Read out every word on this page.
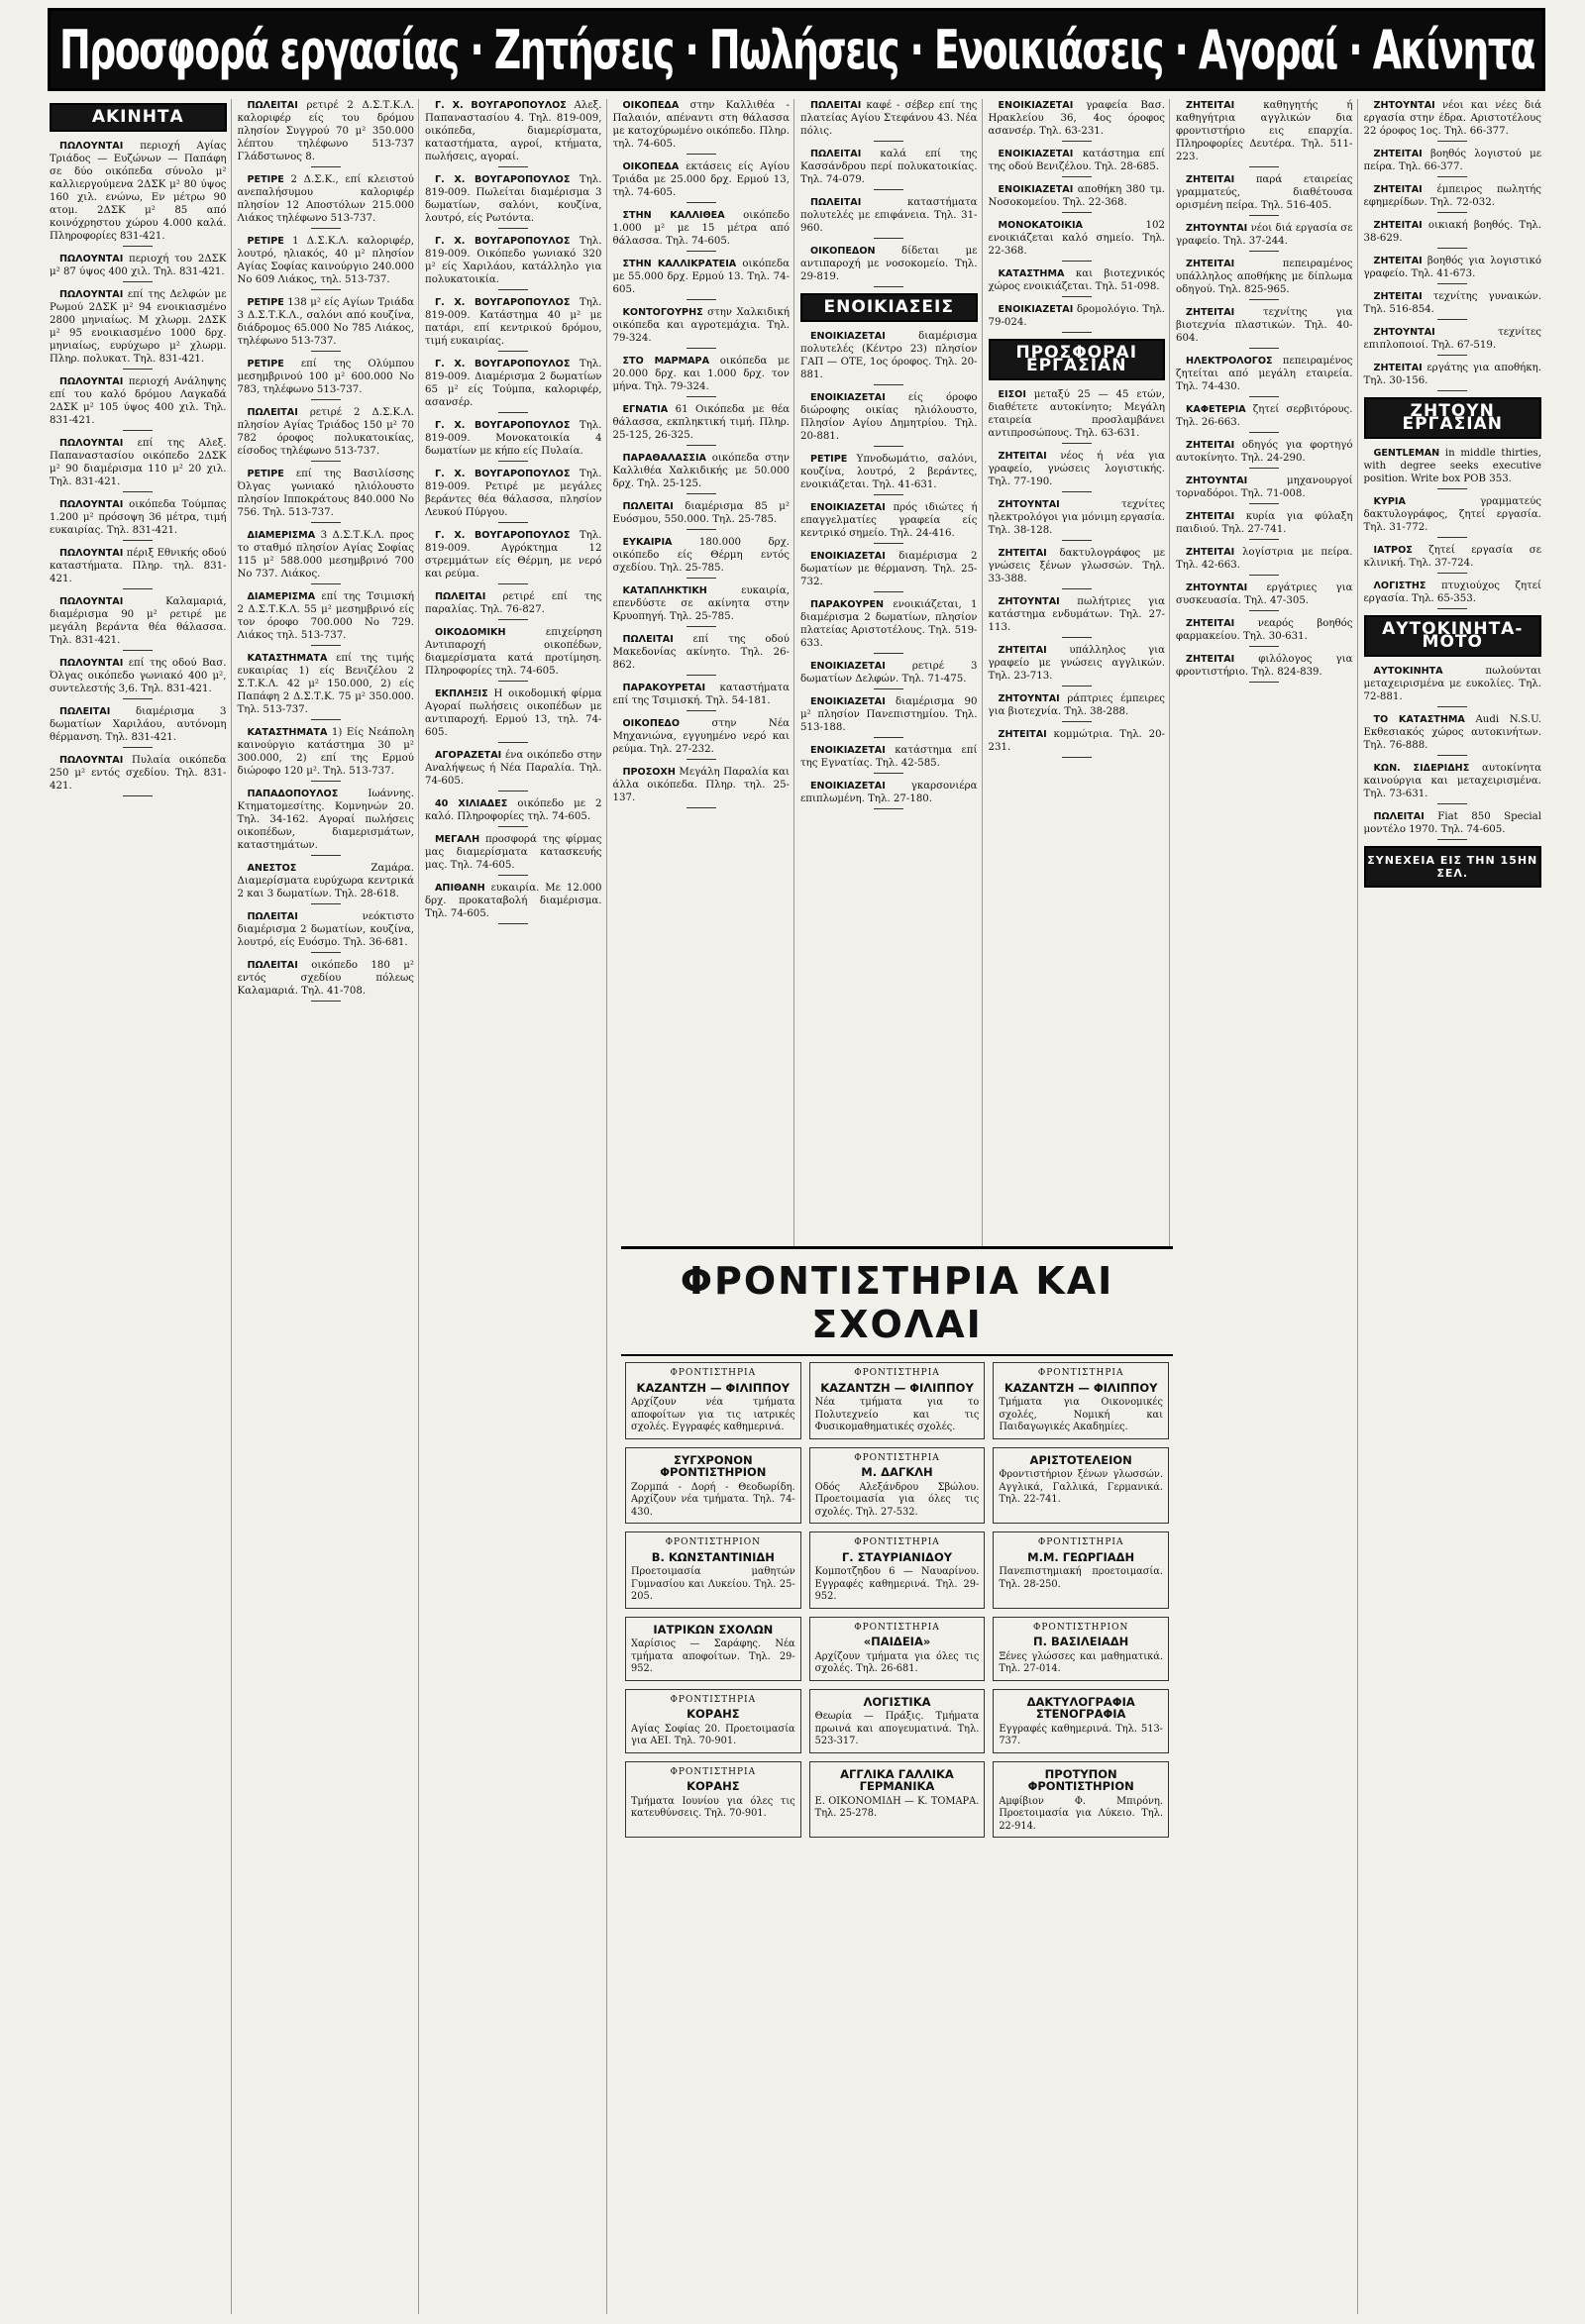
Προσφορά εργασίας · Ζητήσεις · Πωλήσεις · Ενοικιάσεις · Αγοραί · Ακίνητα
ΑΚΙΝΗΤΑ

ΠΩΛΟΥΝΤΑΙ περιοχή Αγίας Τριάδος — Ευζώνων — Παπάφη σε δύο οικόπεδα σύνολο μ² καλλιεργούμενα 2ΔΣΚ μ² 80 ύψος 160 χιλ. ενώνω, Εν μέτρω 90 ατομ. 2ΔΣΚ μ² 85 από κοινόχρηστου χώρου 4.000 καλά. Πληροφορίες 831-421.

ΠΩΛΟΥΝΤΑΙ περιοχή του 2ΔΣΚ μ² 87 ύψος 400 χιλ. Τηλ. 831-421.

ΠΩΛΟΥΝΤΑΙ επί της Δελφών με Ρωμού 2ΔΣΚ μ² 94 ενοικιασμένο 2800 μηνιαίως. Μ χλωρμ. 2ΔΣΚ μ² 95 ενοικιασμένο 1000 δρχ. μηνιαίως, ευρύχωρο μ² χλωρμ. Πληρ. πολυκατ. Τηλ. 831-421.

ΠΩΛΟΥΝΤΑΙ περιοχή Ανάληψης επί του καλό δρόμου Λαγκαδά 2ΔΣΚ μ² 105 ύψος 400 χιλ. Τηλ. 831-421.

ΠΩΛΟΥΝΤΑΙ επί της Αλεξ. Παπαναστασίου οικόπεδο 2ΔΣΚ μ² 90 διαμέρισμα 110 μ² 20 χιλ. Τηλ. 831-421.

ΠΩΛΟΥΝΤΑΙ οικόπεδα Τούμπας 1.200 μ² πρόσοψη 36 μέτρα, τιμή ευκαιρίας. Τηλ. 831-421.

ΠΩΛΟΥΝΤΑΙ πέριξ Εθνικής οδού καταστήματα. Πληρ. τηλ. 831-421.

ΠΩΛΟΥΝΤΑΙ	Καλαμαριά, διαμέρισμα 90 μ² ρετιρέ με μεγάλη βεράντα θέα θάλασσα. Τηλ. 831-421.

ΠΩΛΟΥΝΤΑΙ επί της οδού Βασ. Όλγας οικόπεδο γωνιακό 400 μ², συντελεστής 3,6. Τηλ. 831-421.

ΠΩΛΕΙΤΑΙ	διαμέρισμα 3 δωματίων Χαριλάου, αυτόνομη θέρμανση. Τηλ. 831-421.

ΠΩΛΟΥΝΤΑΙ Πυλαία οικόπεδα 250 μ² εντός σχεδίου. Τηλ. 831-421.

ΠΩΛΕΙΤΑΙ ρετιρέ 2 Δ.Σ.Τ.Κ.Λ. καλοριφέρ είς του δρόμου πλησίον Συγγρού 70 μ² 350.000 λέπτου τηλέφωνο 513-737 Γλάδστωνος 8.

ΡΕΤΙΡΕ 2 Δ.Σ.Κ., επί κλειστού ανεπαλήσυμου καλοριφέρ πλησίον 12 Αποστόλων 215.000 Λιάκος τηλέφωνο 513-737.

ΡΕΤΙΡΕ 1 Δ.Σ.Κ.Λ. καλοριφέρ, λουτρό, ηλιακός, 40 μ² πλησίον Αγίας Σοφίας καινούργιο 240.000 Νο 609 Λιάκος, τηλ. 513-737.

ΡΕΤΙΡΕ 138 μ² είς Αγίων Τριάδα 3 Δ.Σ.Τ.Κ.Λ., σαλόνι από κουζίνα, διάδρομος 65.000 Νο 785 Λιάκος, τηλέφωνο 513-737.

ΡΕΤΙΡΕ επί της Ολύμπου μεσημβρινού 100 μ² 600.000 Νο 783, τηλέφωνο 513-737.

ΠΩΛΕΙΤΑΙ ρετιρέ 2 Δ.Σ.Κ.Λ. πλησίον Αγίας Τριάδος 150 μ² 70 782 όροφος πολυκατοικίας, είσοδος τηλέφωνο 513-737.

ΡΕΤΙΡΕ επί της Βασιλίσσης Όλγας γωνιακό ηλιόλουστο πλησίον Ιπποκράτους 840.000 Νο 756. Τηλ. 513-737.

ΔΙΑΜΕΡΙΣΜΑ 3 Δ.Σ.Τ.Κ.Λ. προς το σταθμό πλησίον Αγίας Σοφίας 115 μ² 588.000 μεσημβρινό 700 Νο 737. Λιάκος.

ΔΙΑΜΕΡΙΣΜΑ επί της Τσιμισκή 2 Δ.Σ.Τ.Κ.Λ. 55 μ² μεσημβρινό είς τον όροφο 700.000 Νο 729. Λιάκος τηλ. 513-737.

ΚΑΤΑΣΤΗΜΑΤΑ επί της τιμής ευκαιρίας 1) είς Βενιζέλου 2 Σ.Τ.Κ.Λ. 42 μ² 150.000, 2) είς Παπάφη 2 Δ.Σ.Τ.Κ. 75 μ² 350.000. Τηλ. 513-737.

ΚΑΤΑΣΤΗΜΑΤΑ 1) Είς Νεάπολη καινούργιο κατάστημα 30 μ² 300.000, 2) επί της Ερμού διώροφο 120 μ². Τηλ. 513-737.

ΠΑΠΑΔΟΠΟΥΛΟΣ	Ιωάννης. Κτηματομεσίτης. Κομνηνών 20. Τηλ. 34-162. Αγοραί πωλήσεις οικοπέδων, διαμερισμάτων, καταστημάτων.

ΑΝΕΣΤΟΣ	Ζαμάρα. Διαμερίσματα ευρύχωρα κεντρικά 2 και 3 δωματίων. Τηλ. 28-618.

ΠΩΛΕΙΤΑΙ	νεόκτιστο διαμέρισμα 2 δωματίων, κουζίνα, λουτρό, είς Ευόσμο. Τηλ. 36-681.

ΠΩΛΕΙΤΑΙ οικόπεδο 180 μ² εντός σχεδίου πόλεως Καλαμαριά. Τηλ. 41-708.

Γ. Χ. ΒΟΥΓΑΡΟΠΟΥΛΟΣ Αλεξ. Παπαναστασίου 4. Τηλ. 819-009, οικόπεδα, διαμερίσματα, καταστήματα, αγροί, κτήματα, πωλήσεις, αγοραί.

Γ. Χ. ΒΟΥΓΑΡΟΠΟΥΛΟΣ Τηλ. 819-009. Πωλείται διαμέρισμα 3 δωματίων, σαλόνι, κουζίνα, λουτρό, είς Ρωτόντα.

Γ. Χ. ΒΟΥΓΑΡΟΠΟΥΛΟΣ Τηλ. 819-009. Οικόπεδο γωνιακό 320 μ² είς Χαριλάου, κατάλληλο για πολυκατοικία.

Γ. Χ. ΒΟΥΓΑΡΟΠΟΥΛΟΣ Τηλ. 819-009. Κατάστημα 40 μ² με πατάρι, επί κεντρικού δρόμου, τιμή ευκαιρίας.

Γ. Χ. ΒΟΥΓΑΡΟΠΟΥΛΟΣ Τηλ. 819-009. Διαμέρισμα 2 δωματίων 65 μ² είς Τούμπα, καλοριφέρ, ασανσέρ.

Γ. Χ. ΒΟΥΓΑΡΟΠΟΥΛΟΣ Τηλ. 819-009. Μονοκατοικία 4 δωματίων με κήπο είς Πυλαία.

Γ. Χ. ΒΟΥΓΑΡΟΠΟΥΛΟΣ Τηλ. 819-009. Ρετιρέ με μεγάλες βεράντες θέα θάλασσα, πλησίον Λευκού Πύργου.

Γ. Χ. ΒΟΥΓΑΡΟΠΟΥΛΟΣ Τηλ. 819-009. Αγρόκτημα 12 στρεμμάτων είς Θέρμη, με νερό και ρεύμα.

ΠΩΛΕΙΤΑΙ ρετιρέ επί της παραλίας. Τηλ. 76-827.

ΟΙΚΟΔΟΜΙΚΗ	επιχείρηση Αντιπαροχή οικοπέδων, διαμερίσματα κατά προτίμηση. Πληροφορίες τηλ. 74-605.

ΕΚΠΛΗΞΙΣ Η οικοδομική φίρμα Αγοραί πωλήσεις οικοπέδων με αντιπαροχή. Ερμού 13, τηλ. 74-605.

ΑΓΟΡΑΖΕΤΑΙ ένα οικόπεδο στην Αναλήψεως ή Νέα Παραλία. Τηλ. 74-605.

40 ΧΙΛΙΑΔΕΣ οικόπεδο με 2 καλό. Πληροφορίες τηλ. 74-605.

ΜΕΓΑΛΗ προσφορά της φίρμας μας διαμερίσματα κατασκευής μας. Τηλ. 74-605.

ΑΠΙΘΑΝΗ ευκαιρία. Με 12.000 δρχ. προκαταβολή διαμέρισμα. Τηλ. 74-605.

ΟΙΚΟΠΕΔΑ στην Καλλιθέα - Παλαιόν, απέναντι στη θάλασσα με κατοχύρωμένο οικόπεδο. Πληρ. τηλ. 74-605.

ΟΙΚΟΠΕΔΑ εκτάσεις είς Αγίου Τριάδα με 25.000 δρχ. Ερμού 13, τηλ. 74-605.

ΣΤΗΝ ΚΑΛΛΙΘΕΑ οικόπεδο 1.000 μ² με 15 μέτρα από θάλασσα. Τηλ. 74-605.

ΣΤΗΝ ΚΑΛΛΙΚΡΑΤΕΙΑ οικόπεδα με 55.000 δρχ. Ερμού 13. Τηλ. 74-605.

ΚΟΝΤΟΓΟΥΡΗΣ στην Χαλκιδική οικόπεδα και αγροτεμάχια. Τηλ. 79-324.

ΣΤΟ ΜΑΡΜΑΡΑ οικόπεδα με 20.000 δρχ. και 1.000 δρχ. τον μήνα. Τηλ. 79-324.

ΕΓΝΑΤΙΑ 61 Οικόπεδα με θέα θάλασσα, εκπληκτική τιμή. Πληρ. 25-125, 26-325.

ΠΑΡΑΘΑΛΑΣΣΙΑ οικόπεδα στην Καλλιθέα Χαλκιδικής με 50.000 δρχ. Τηλ. 25-125.

ΠΩΛΕΙΤΑΙ διαμέρισμα 85 μ² Ευόσμου, 550.000. Τηλ. 25-785.

ΕΥΚΑΙΡΙΑ	180.000 δρχ. οικόπεδο είς Θέρμη εντός σχεδίου. Τηλ. 25-785.

ΚΑΤΑΠΛΗΚΤΙΚΗ	ευκαιρία, επενδύστε σε ακίνητα στην Κρυοπηγή. Τηλ. 25-785.

ΠΩΛΕΙΤΑΙ επί της οδού Μακεδονίας ακίνητο. Τηλ. 26-862.

ΠΑΡΑΚΟΥΡΕΤΑΙ καταστήματα επί της Τσιμισκή. Τηλ. 54-181.

ΟΙΚΟΠΕΔΟ	στην Νέα Μηχανιώνα, εγγυημένο νερό και ρεύμα. Τηλ. 27-232.

ΠΡΟΣΟΧΗ Μεγάλη Παραλία και άλλα οικόπεδα. Πληρ. τηλ. 25-137.

ΠΩΛΕΙΤΑΙ καφέ - σέβερ επί της πλατείας Αγίου Στεφάνου 43. Νέα πόλις.

ΠΩΛΕΙΤΑΙ καλά επί της Κασσάνδρου περί πολυκατοικίας. Τηλ. 74-079.

ΠΩΛΕΙΤΑΙ	καταστήματα πολυτελές με επιφάνεια. Τηλ. 31-960.

ΟΙΚΟΠΕΔΟΝ	δίδεται με αντιπαροχή με νοσοκομείο. Τηλ. 29-819.

ΕΝΟΙΚΙΑΣΕΙΣ

ΕΝΟΙΚΙΑΖΕΤΑΙ	διαμέρισμα πολυτελές (Κέντρο 23) πλησίον ΓΑΠ — ΟΤΕ, 1ος όροφος. Τηλ. 20-881.

ΕΝΟΙΚΙΑΖΕΤΑΙ είς όροφο διώροφης οικίας ηλιόλουστο, Πλησίον Αγίου Δημητρίου. Τηλ. 20-881.

ΡΕΤΙΡΕ Υπνοδωμάτιο, σαλόνι, κουζίνα, λουτρό, 2 βεράντες, ενοικιάζεται. Τηλ. 41-631.

ΕΝΟΙΚΙΑΖΕΤΑΙ πρός ιδιώτες ή επαγγελματίες γραφεία είς κεντρικό σημείο. Τηλ. 24-416.

ΕΝΟΙΚΙΑΖΕΤΑΙ διαμέρισμα 2 δωματίων με θέρμανση. Τηλ. 25-732.

ΠΑΡΑΚΟΥΡΕΝ ενοικιάζεται, 1 διαμέρισμα 2 δωματίων, πλησίον πλατείας Αριστοτέλους. Τηλ. 519-633.

ΕΝΟΙΚΙΑΖΕΤΑΙ	ρετιρέ 3 δωματίων Δελφών. Τηλ. 71-475.

ΕΝΟΙΚΙΑΖΕΤΑΙ διαμέρισμα 90 μ² πλησίον Πανεπιστημίου. Τηλ. 513-188.

ΕΝΟΙΚΙΑΖΕΤΑΙ κατάστημα επί της Εγνατίας. Τηλ. 42-585.

ΕΝΟΙΚΙΑΖΕΤΑΙ	γκαρσονιέρα επιπλωμένη. Τηλ. 27-180.

ΕΝΟΙΚΙΑΖΕΤΑΙ γραφεία Βασ. Ηρακλείου 36, 4ος όροφος ασανσέρ. Τηλ. 63-231.

ΕΝΟΙΚΙΑΖΕΤΑΙ κατάστημα επί της οδού Βενιζέλου. Τηλ. 28-685.

ΕΝΟΙΚΙΑΖΕΤΑΙ αποθήκη 380 τμ. Νοσοκομείου. Τηλ. 22-368.

ΜΟΝΟΚΑΤΟΙΚΙΑ	102 ενοικιάζεται καλό σημείο. Τηλ. 22-368.

ΚΑΤΑΣΤΗΜΑ και βιοτεχνικός χώρος ενοικιάζεται. Τηλ. 51-098.

ΕΝΟΙΚΙΑΖΕΤΑΙ δρομολόγιο. Τηλ. 79-024.

ΠΡΟΣΦΟΡΑΙ ΕΡΓΑΣΙΑΝ

ΕΙΣΟΙ μεταξύ 25 — 45 ετών, διαθέτετε αυτοκίνητο; Μεγάλη εταιρεία προσλαμβάνει αντιπροσώπους. Τηλ. 63-631.

ΖΗΤΕΙΤΑΙ νέος ή νέα για γραφείο, γνώσεις λογιστικής. Τηλ. 77-190.

ΖΗΤΟΥΝΤΑΙ	τεχνίτες ηλεκτρολόγοι για μόνιμη εργασία. Τηλ. 38-128.

ΖΗΤΕΙΤΑΙ δακτυλογράφος με γνώσεις ξένων γλωσσών. Τηλ. 33-388.

ΖΗΤΟΥΝΤΑΙ πωλήτριες για κατάστημα ενδυμάτων. Τηλ. 27-113.

ΖΗΤΕΙΤΑΙ υπάλληλος για γραφείο με γνώσεις αγγλικών. Τηλ. 23-713.

ΖΗΤΟΥΝΤΑΙ ράπτριες έμπειρες για βιοτεχνία. Τηλ. 38-288.

ΖΗΤΕΙΤΑΙ κομμώτρια. Τηλ. 20-231.

ΖΗΤΕΙΤΑΙ	καθηγητής ή καθηγήτρια αγγλικών δια φροντιστήριο εις επαρχία. Πληροφορίες Δευτέρα. Τηλ. 511-223.

ΖΗΤΕΙΤΑΙ παρά εταιρείας γραμματεύς, διαθέτουσα ορισμένη πείρα. Τηλ. 516-405.

ΖΗΤΟΥΝΤΑΙ νέοι διά εργασία σε γραφείο. Τηλ. 37-244.

ΖΗΤΕΙΤΑΙ	πεπειραμένος υπάλληλος αποθήκης με δίπλωμα οδηγού. Τηλ. 825-965.

ΖΗΤΕΙΤΑΙ	τεχνίτης για βιοτεχνία πλαστικών. Τηλ. 40-604.

ΗΛΕΚΤΡΟΛΟΓΟΣ πεπειραμένος ζητείται από μεγάλη εταιρεία. Τηλ. 74-430.

ΚΑΦΕΤΕΡΙΑ ζητεί σερβιτόρους. Τηλ. 26-663.

ΖΗΤΕΙΤΑΙ οδηγός για φορτηγό αυτοκίνητο. Τηλ. 24-290.

ΖΗΤΟΥΝΤΑΙ	μηχανουργοί τορναδόροι. Τηλ. 71-008.

ΖΗΤΕΙΤΑΙ κυρία για φύλαξη παιδιού. Τηλ. 27-741.

ΖΗΤΕΙΤΑΙ λογίστρια με πείρα. Τηλ. 42-663.

ΖΗΤΟΥΝΤΑΙ εργάτριες για συσκευασία. Τηλ. 47-305.

ΖΗΤΕΙΤΑΙ νεαρός βοηθός φαρμακείου. Τηλ. 30-631.

ΖΗΤΕΙΤΑΙ φιλόλογος για φροντιστήριο. Τηλ. 824-839.

ΖΗΤΟΥΝΤΑΙ νέοι και νέες διά εργασία στην έδρα. Αριστοτέλους 22 όροφος 1ος. Τηλ. 66-377.

ΖΗΤΕΙΤΑΙ βοηθός λογιστού με πείρα. Τηλ. 66-377.

ΖΗΤΕΙΤΑΙ έμπειρος πωλητής εφημερίδων. Τηλ. 72-032.

ΖΗΤΕΙΤΑΙ οικιακή βοηθός. Τηλ. 38-629.

ΖΗΤΕΙΤΑΙ βοηθός για λογιστικό γραφείο. Τηλ. 41-673.

ΖΗΤΕΙΤΑΙ τεχνίτης γυναικών. Τηλ. 516-854.

ΖΗΤΟΥΝΤΑΙ	τεχνίτες επιπλοποιοί. Τηλ. 67-519.

ΖΗΤΕΙΤΑΙ εργάτης για αποθήκη. Τηλ. 30-156.

ΖΗΤΟΥΝ ΕΡΓΑΣΙΑΝ

GENTLEMAN in middle thirties, with degree seeks executive position. Write box POB 353.

ΚΥΡΙΑ	γραμματεύς δακτυλογράφος, ζητεί εργασία. Τηλ. 31-772.

ΙΑΤΡΟΣ ζητεί εργασία σε κλινική. Τηλ. 37-724.

ΛΟΓΙΣΤΗΣ πτυχιούχος ζητεί εργασία. Τηλ. 65-353.

ΑΥΤΟΚΙΝΗΤΑ-ΜΟΤΟ

ΑΥΤΟΚΙΝΗΤΑ	πωλούνται μεταχειρισμένα με ευκολίες. Τηλ. 72-881.

ΤΟ ΚΑΤΑΣΤΗΜΑ Audi N.S.U. Εκθεσιακός χώρος αυτοκινήτων. Τηλ. 76-888.

ΚΩΝ. ΣΙΔΕΡΙΔΗΣ αυτοκίνητα καινούργια και μεταχειρισμένα. Τηλ. 73-631.

ΠΩΛΕΙΤΑΙ Fiat 850 Special μοντέλο 1970. Τηλ. 74-605.

ΣΥΝΕΧΕΙΑ ΕΙΣ ΤΗΝ 15ΗΝ ΣΕΛ.
ΦΡΟΝΤΙΣΤΗΡΙΑ ΚΑΙ ΣΧΟΛΑΙ
ΦΡΟΝΤΙΣΤΗΡΙΑ
ΚΑΖΑΝΤΖΗ — ΦΙΛΙΠΠΟΥ
Αρχίζουν νέα τμήματα αποφοίτων για τις ιατρικές σχολές. Εγγραφές καθημερινά.
ΦΡΟΝΤΙΣΤΗΡΙΑ
ΚΑΖΑΝΤΖΗ — ΦΙΛΙΠΠΟΥ
Νέα τμήματα για το Πολυτεχνείο και τις Φυσικομαθηματικές σχολές.
ΦΡΟΝΤΙΣΤΗΡΙΑ
ΚΑΖΑΝΤΖΗ — ΦΙΛΙΠΠΟΥ
Τμήματα για Οικονομικές σχολές, Νομική και Παιδαγωγικές Ακαδημίες.
ΣΥΓΧΡΟΝΟΝ ΦΡΟΝΤΙΣΤΗΡΙΟΝ
Ζορμπά - Δορή - Θεοδωρίδη. Αρχίζουν νέα τμήματα. Τηλ. 74-430.
ΦΡΟΝΤΙΣΤΗΡΙΑ
Μ. ΔΑΓΚΛΗ
Οδός Αλεξάνδρου Σβώλου. Προετοιμασία για όλες τις σχολές. Τηλ. 27-532.
ΑΡΙΣΤΟΤΕΛΕΙΟΝ
Φροντιστήριον ξένων γλωσσών. Αγγλικά, Γαλλικά, Γερμανικά. Τηλ. 22-741.
ΦΡΟΝΤΙΣΤΗΡΙΟΝ
Β. ΚΩΝΣΤΑΝΤΙΝΙΔΗ
Προετοιμασία μαθητών Γυμνασίου και Λυκείου. Τηλ. 25-205.
ΦΡΟΝΤΙΣΤΗΡΙΑ
Γ. ΣΤΑΥΡΙΑΝΙΔΟΥ
Κομποτζηδου 6 — Ναυαρίνου. Εγγραφές καθημερινά. Τηλ. 29-952.
ΦΡΟΝΤΙΣΤΗΡΙΑ
Μ.Μ. ΓΕΩΡΓΙΑΔΗ
Πανεπιστημιακή προετοιμασία. Τηλ. 28-250.
ΙΑΤΡΙΚΩΝ ΣΧΟΛΩΝ
Χαρίσιος — Σαράφης. Νέα τμήματα αποφοίτων. Τηλ. 29-952.
ΦΡΟΝΤΙΣΤΗΡΙΑ
«ΠΑΙΔΕΙΑ»
Αρχίζουν τμήματα για όλες τις σχολές. Τηλ. 26-681.
ΦΡΟΝΤΙΣΤΗΡΙΟΝ
Π. ΒΑΣΙΛΕΙΑΔΗ
Ξένες γλώσσες και μαθηματικά. Τηλ. 27-014.
ΦΡΟΝΤΙΣΤΗΡΙΑ
ΚΟΡΑΗΣ
Αγίας Σοφίας 20. Προετοιμασία για ΑΕΙ. Τηλ. 70-901.
ΛΟΓΙΣΤΙΚΑ
Θεωρία — Πράξις. Τμήματα πρωινά και απογευματινά. Τηλ. 523-317.
ΔΑΚΤΥΛΟΓΡΑΦΙΑ ΣΤΕΝΟΓΡΑΦΙΑ
Εγγραφές καθημερινά. Τηλ. 513-737.
ΦΡΟΝΤΙΣΤΗΡΙΑ
ΚΟΡΑΗΣ
Τμήματα Ιουνίου για όλες τις κατευθύνσεις. Τηλ. 70-901.
ΑΓΓΛΙΚΑ ΓΑΛΛΙΚΑ ΓΕΡΜΑΝΙΚΑ
Ε. ΟΙΚΟΝΟΜΙΔΗ — Κ. ΤΟΜΑΡΑ. Τηλ. 25-278.
ΠΡΟΤΥΠΟΝ ΦΡΟΝΤΙΣΤΗΡΙΟΝ
Αμφίβιον Φ. Μπιρόνη. Προετοιμασία για Λύκειο. Τηλ. 22-914.
